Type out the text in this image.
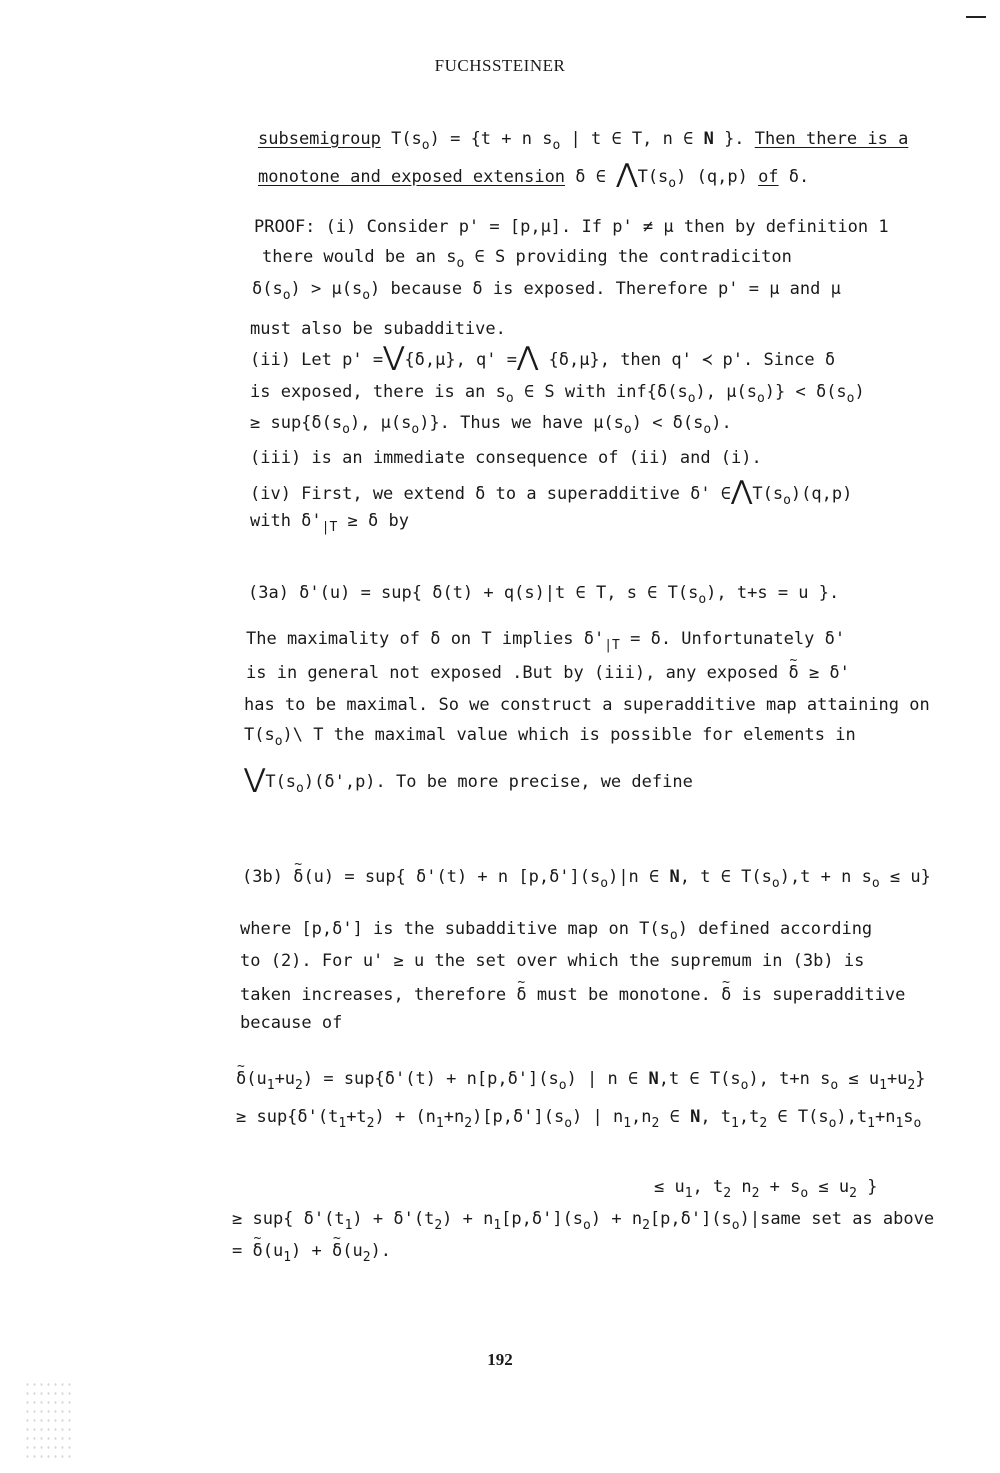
FUCHSSTEINER
subsemigroup $T(s_o) = \{t + n$ $s_o$ | t ∈ T, n ∈ N }. Then there is a
monotone and exposed extension δ ∈ $⋀T(s_o)$ (q,p) of δ.
PROOF: (i) Consider p' = [p,μ]. If p' ≠ μ then by definition 1
there would be an $s_o$ ∈ S providing the contradiciton
$\delta(s_o) > \mu(s_o)$ because δ is exposed. Therefore p' = μ and μ
must also be subadditive.
(ii) Let p' =⋁{δ,μ}, q' =⋀ {δ,μ}, then q' ≺ p'. Since δ
is exposed, there is an $s_o$ ∈ S with $inf\{\delta(s_o)$, $\mu(s_o)\} < \delta(s_o)$
≥ $sup\{\delta(s_o)$, $\mu(s_o)$}. Thus we have $\mu(s_o) < \delta(s_o)$.
(iii) is an immediate consequence of (ii) and (i).
(iv) First, we extend δ to a superadditive δ' $\in⋀T(s_o)(q,p)$
with $\delta'_{|T} \ge \delta$ by
(3a) δ'(u) = sup{ δ(t) + q(s)|t ∈ T, s ∈ $T(s_o)$, t+s = u }.
The maximality of δ on T implies $\delta'_{|T} = \delta$. Unfortunately δ'
is in general not exposed .But by (iii), any exposed ~ δ ≥ δ'
has to be maximal. So we construct a superadditive map attaining on
$T(s_o)\backslash$ T the maximal value which is possible for elements in
$⋁T(s_o)(\delta',p)$. To be more precise, we define
(3b) ~ δ(u) = sup{ δ'(t) + n $[p,\delta'](s_o)|n$ ∈ N, t ∈ $T(s_o),t + n$ $s_o \le u$}
where [p,δ'] is the subadditive map on $T(s_o)$ defined according
to (2). For u' ≥ u the set over which the supremum in (3b) is
taken increases, therefore ~ δ must be monotone. ~ δ is superadditive
because of
~ $\delta(u_1+u_2) = sup\{\delta'(t) + n[p,\delta'](s_o)$ | n ∈ N,t ∈ $T(s_o)$, t+n $s_o \le u_1+u_2$}
≥ $sup\{\delta'(t_1+t_2) + (n_1+n_2)[p,\delta'](s_o)$ | $n_1,n_2$ ∈ N, $t_1,t_2$ ∈ $T(s_o),t_1+n_1s_o$
≤ $u_1$, $t_2$ $n_2 + s_o \le u_2$ }
≥ sup{ $\delta'(t_1) + \delta'(t_2) + n_1[p,\delta'](s_o)$ + $n_2[p,\delta'](s_o)|same$ set as above
= ~ $\delta(u_1)$ + ~ $\delta(u_2)$.
192
